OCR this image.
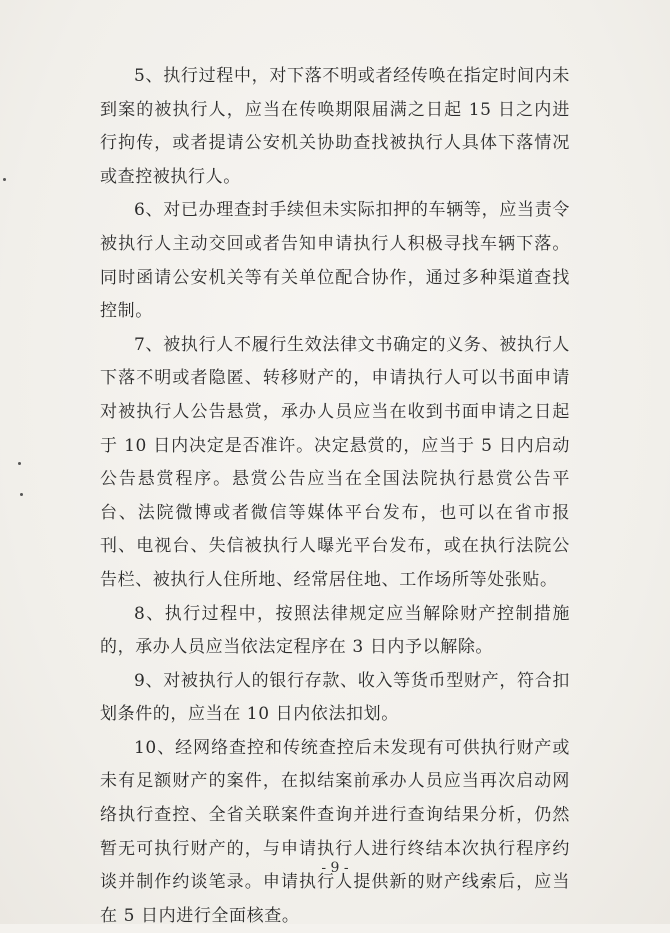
5、执行过程中，对下落不明或者经传唤在指定时间内未到案的被执行人，应当在传唤期限届满之日起 15 日之内进行拘传，或者提请公安机关协助查找被执行人具体下落情况或查控被执行人。

6、对已办理查封手续但未实际扣押的车辆等，应当责令被执行人主动交回或者告知申请执行人积极寻找车辆下落。同时函请公安机关等有关单位配合协作，通过多种渠道查找控制。

7、被执行人不履行生效法律文书确定的义务、被执行人下落不明或者隐匿、转移财产的，申请执行人可以书面申请对被执行人公告悬赏，承办人员应当在收到书面申请之日起于 10 日内决定是否准许。决定悬赏的，应当于 5 日内启动公告悬赏程序。悬赏公告应当在全国法院执行悬赏公告平台、法院微博或者微信等媒体平台发布，也可以在省市报刊、电视台、失信被执行人曝光平台发布，或在执行法院公告栏、被执行人住所地、经常居住地、工作场所等处张贴。

8、执行过程中，按照法律规定应当解除财产控制措施的，承办人员应当依法定程序在 3 日内予以解除。

9、对被执行人的银行存款、收入等货币型财产，符合扣划条件的，应当在 10 日内依法扣划。

10、经网络查控和传统查控后未发现有可供执行财产或未有足额财产的案件，在拟结案前承办人员应当再次启动网络执行查控、全省关联案件查询并进行查询结果分析，仍然暂无可执行财产的，与申请执行人进行终结本次执行程序约谈并制作约谈笔录。申请执行人提供新的财产线索后，应当在 5 日内进行全面核查。

- 9 -
